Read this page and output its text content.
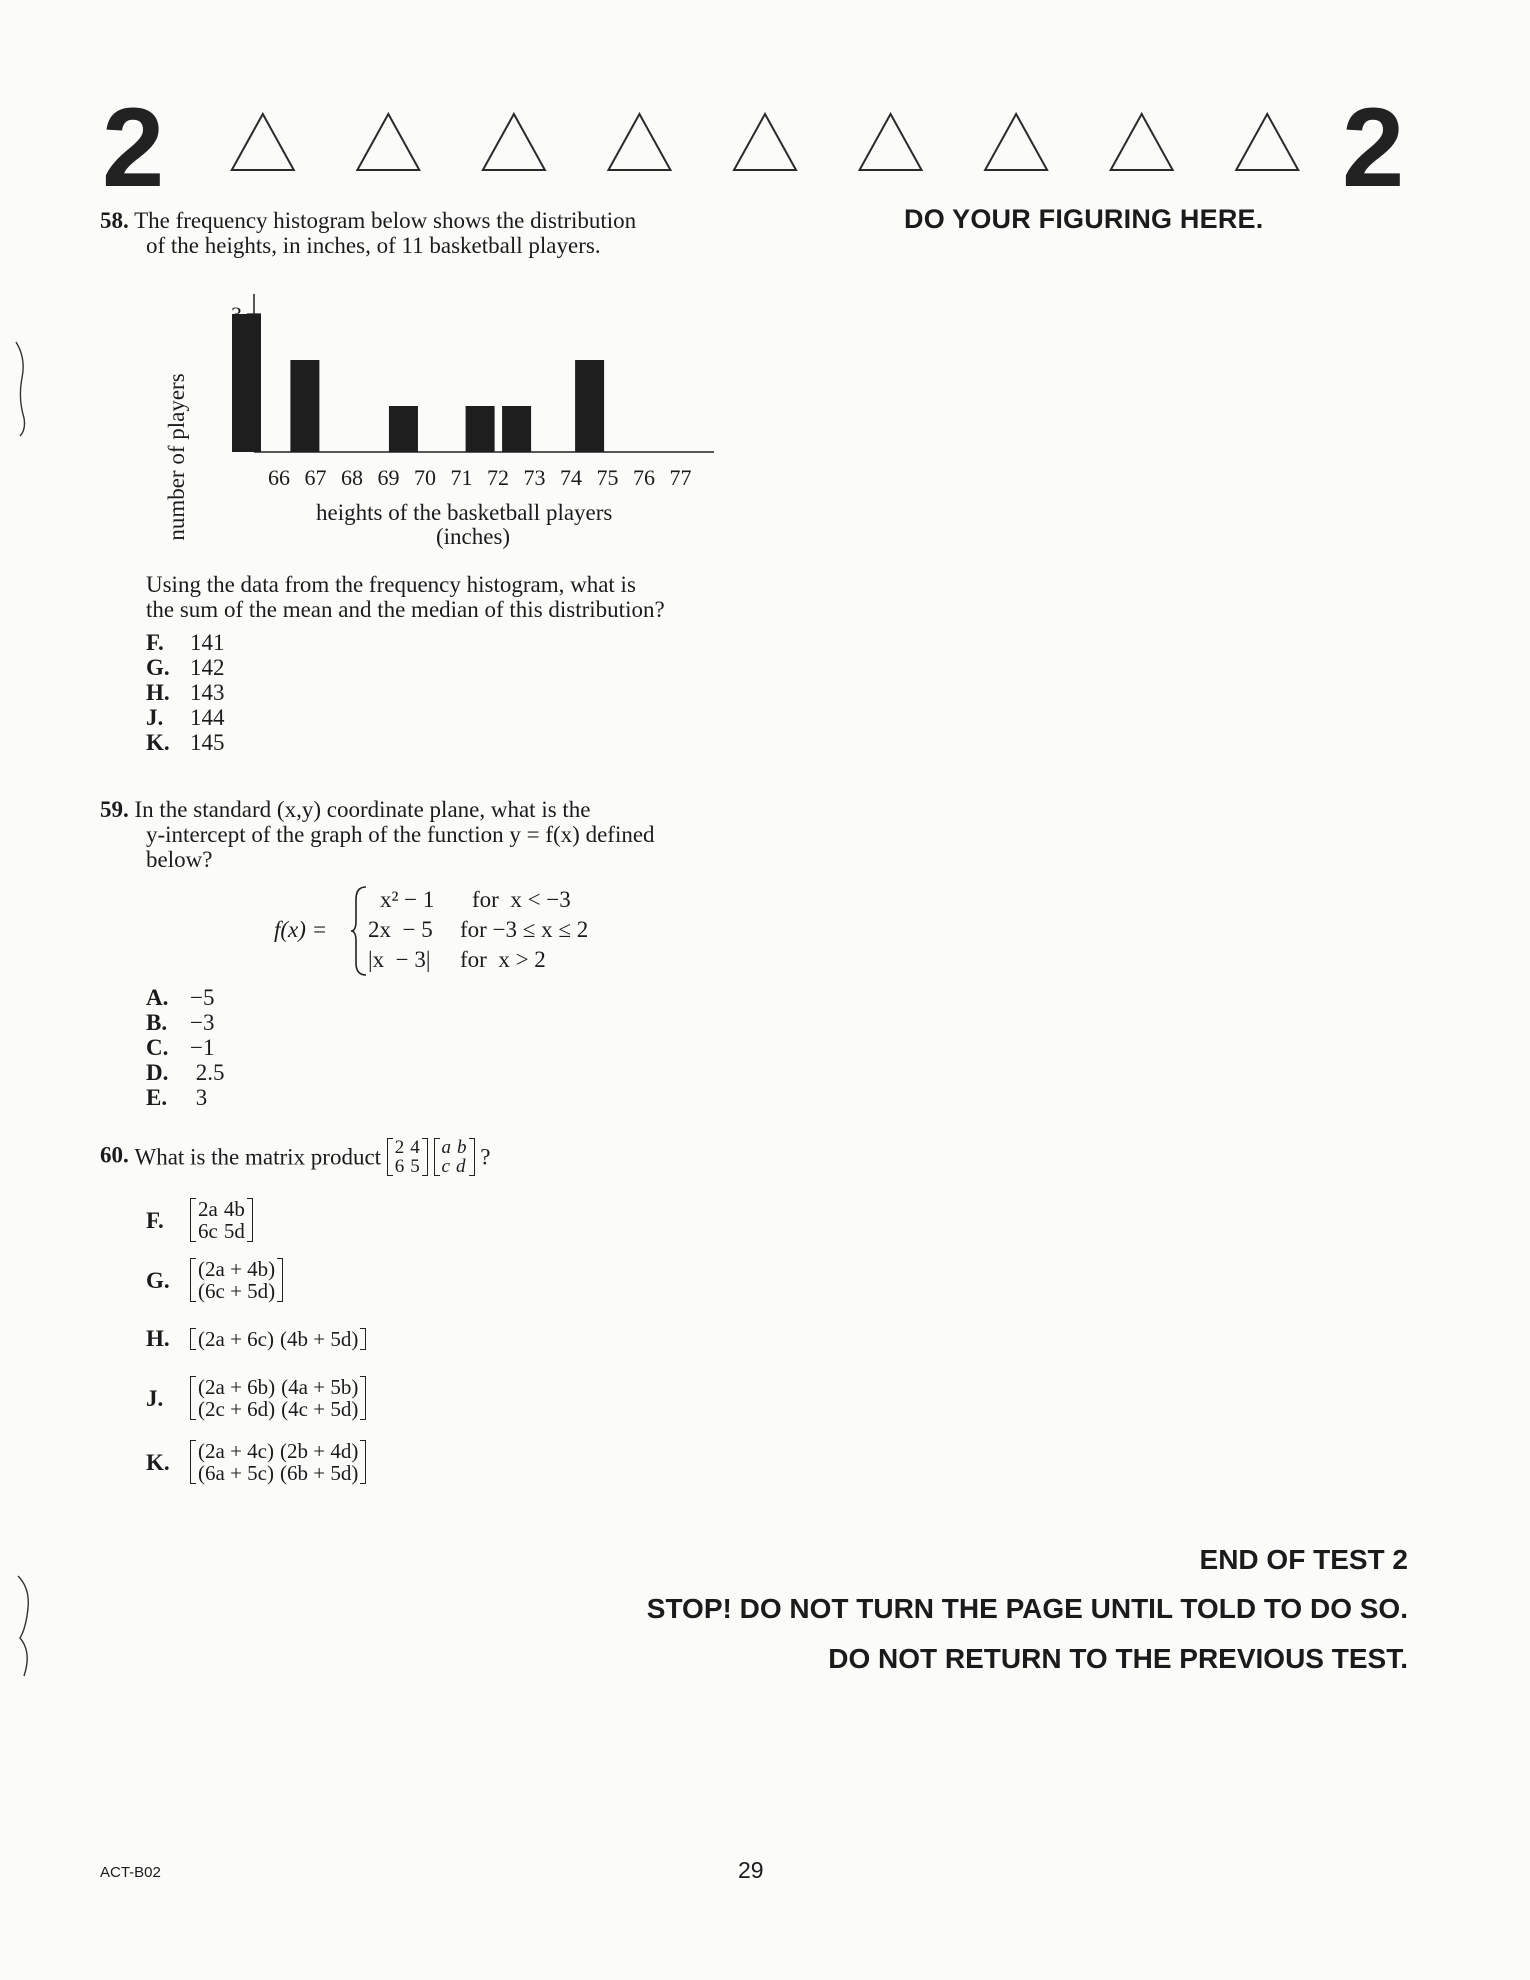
2	2
DO YOUR FIGURING HERE.
58. The frequency histogram below shows the distribution
of the heights, in inches, of 11 basketball players.
number of players	66 67 68 69 70 71 72 73 74 75 76 77
heights of the basketball players
(inches)
Using the data from the frequency histogram, what is
the sum of the mean and the median of this distribution?
F. 141
G. 142
H. 143
J. 144
K. 145
59. In the standard (x,y) coordinate plane, what is the
y-intercept of the graph of the function y = f(x) defined
below?
f(x) =
x² − 1 for  x < −3
2x  − 5 for −3 ≤ x ≤ 2
|x  − 3| for  x > 2
A. −5
B. −3
C. −1
D. 2.5
E. 3
60. What is the matrix product 2 4
6 5

a b
c d ?
F. 2a 4b
6c 5d
G. (2a + 4b)
(6c + 5d)
H. (2a + 6c) (4b + 5d)
J. (2a + 6b) (4a + 5b)
(2c + 6d) (4c + 5d)
K. (2a + 4c) (2b + 4d)
(6a + 5c) (6b + 5d)
END OF TEST 2
STOP! DO NOT TURN THE PAGE UNTIL TOLD TO DO SO.
DO NOT RETURN TO THE PREVIOUS TEST.
ACT-B02	29
